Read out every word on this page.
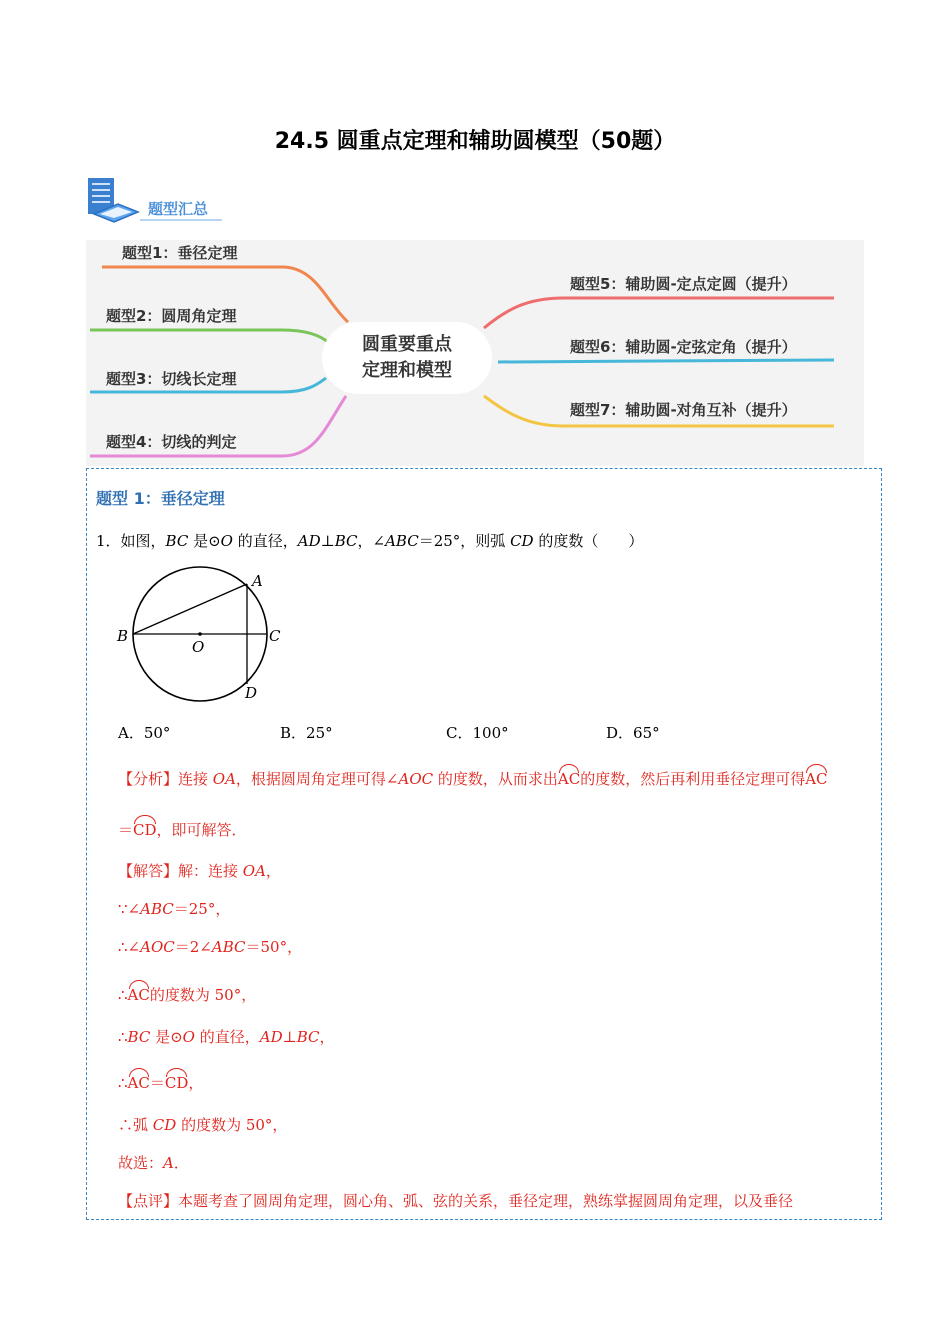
24.5 圆重点定理和辅助圆模型（50题）
题型汇总
题型1：垂径定理
题型2：圆周角定理
题型3：切线长定理
题型4：切线的判定
题型5：辅助圆-定点定圆（提升）
题型6：辅助圆-定弦定角（提升）
题型7：辅助圆-对角互补（提升）
圆重要重点
定理和模型
题型 1：垂径定理
1．如图，BC 是⊙O 的直径，AD⊥BC，∠ABC＝25°，则弧 CD 的度数（　　）
A
B	C
D
O
A．50°	B．25°	C．100°	D．65°
【分析】连接 OA，根据圆周角定理可得∠AOC 的度数，从而求出AC的度数，然后再利用垂径定理可得AC
＝CD，即可解答．
【解答】解：连接 OA，
∵∠ABC＝25°，
∴∠AOC＝2∠ABC＝50°，
∴AC的度数为 50°，
∴BC 是⊙O 的直径，AD⊥BC，
∴AC＝CD，
∴弧 CD 的度数为 50°，
故选：A．
【点评】本题考查了圆周角定理，圆心角、弧、弦的关系，垂径定理，熟练掌握圆周角定理，以及垂径
